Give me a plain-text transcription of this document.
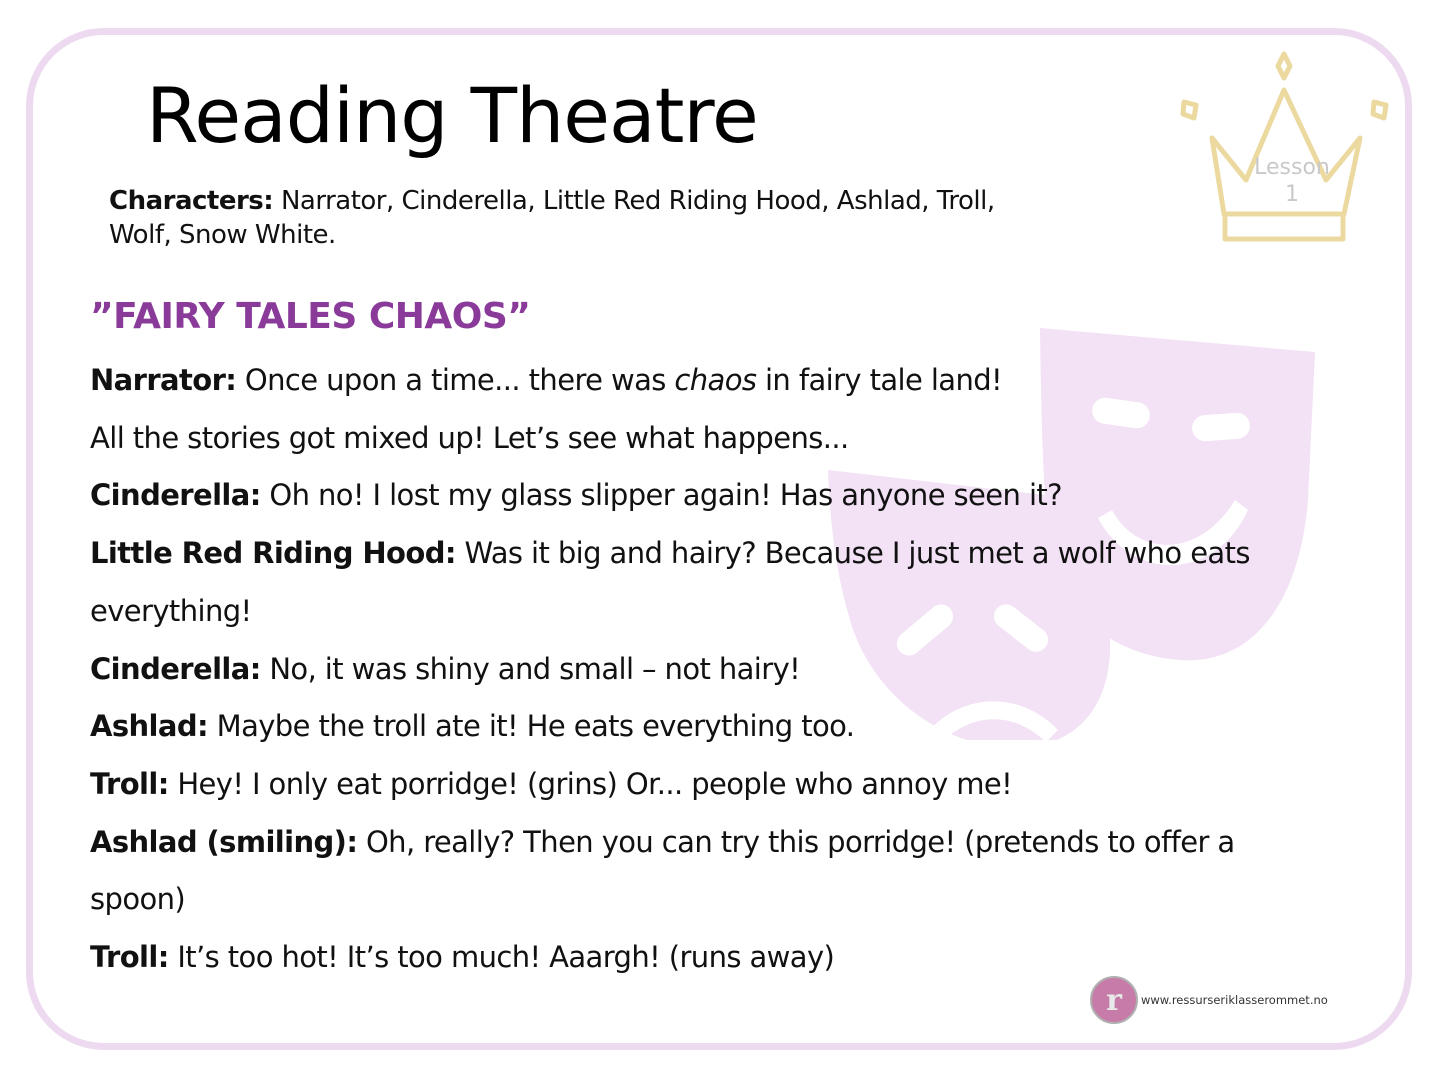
Reading Theatre
Characters: Narrator, Cinderella, Little Red Riding Hood, Ashlad, Troll,
Wolf, Snow White.
Lesson
1
”FAIRY TALES CHAOS”

Narrator: Once upon a time... there was chaos in fairy tale land!

All the stories got mixed up! Let’s see what happens...

Cinderella: Oh no! I lost my glass slipper again! Has anyone seen it?

Little Red Riding Hood: Was it big and hairy? Because I just met a wolf who eats everything!

Cinderella: No, it was shiny and small – not hairy!

Ashlad: Maybe the troll ate it! He eats everything too.

Troll: Hey! I only eat porridge! (grins) Or... people who annoy me!

Ashlad (smiling): Oh, really? Then you can try this porridge! (pretends to offer a spoon)

Troll: It’s too hot! It’s too much! Aaargh! (runs away)

r	www.ressurseriklasserommet.no
